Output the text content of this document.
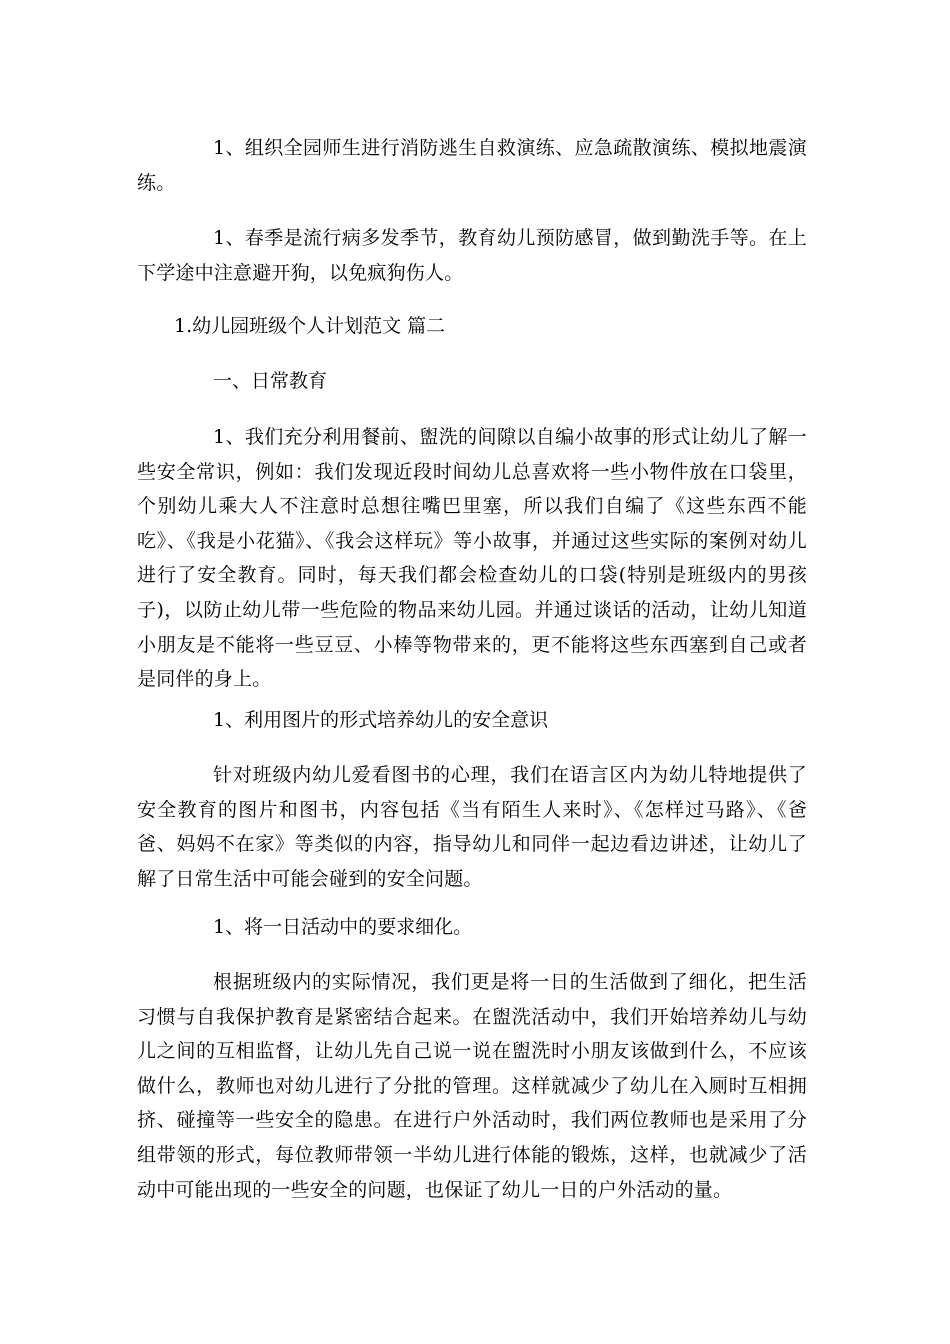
1、组织全园师生进行消防逃生自救演练、应急疏散演练、模拟地震演练。

1、春季是流行病多发季节，教育幼儿预防感冒，做到勤洗手等。在上下学途中注意避开狗，以免疯狗伤人。

1.幼儿园班级个人计划范文 篇二

一、日常教育

1、我们充分利用餐前、盥洗的间隙以自编小故事的形式让幼儿了解一些安全常识，例如：我们发现近段时间幼儿总喜欢将一些小物件放在口袋里，个别幼儿乘大人不注意时总想往嘴巴里塞，所以我们自编了《这些东西不能吃》、《我是小花猫》、《我会这样玩》等小故事，并通过这些实际的案例对幼儿进行了安全教育。同时，每天我们都会检查幼儿的口袋(特别是班级内的男孩子)，以防止幼儿带一些危险的物品来幼儿园。并通过谈话的活动，让幼儿知道小朋友是不能将一些豆豆、小棒等物带来的，更不能将这些东西塞到自己或者是同伴的身上。

1、利用图片的形式培养幼儿的安全意识

针对班级内幼儿爱看图书的心理，我们在语言区内为幼儿特地提供了安全教育的图片和图书，内容包括《当有陌生人来时》、《怎样过马路》、《爸爸、妈妈不在家》等类似的内容，指导幼儿和同伴一起边看边讲述，让幼儿了解了日常生活中可能会碰到的安全问题。

1、将一日活动中的要求细化。

根据班级内的实际情况，我们更是将一日的生活做到了细化，把生活习惯与自我保护教育是紧密结合起来。在盥洗活动中，我们开始培养幼儿与幼儿之间的互相监督，让幼儿先自己说一说在盥洗时小朋友该做到什么，不应该做什么，教师也对幼儿进行了分批的管理。这样就减少了幼儿在入厕时互相拥挤、碰撞等一些安全的隐患。在进行户外活动时，我们两位教师也是采用了分组带领的形式，每位教师带领一半幼儿进行体能的锻炼，这样，也就减少了活动中可能出现的一些安全的问题，也保证了幼儿一日的户外活动的量。
